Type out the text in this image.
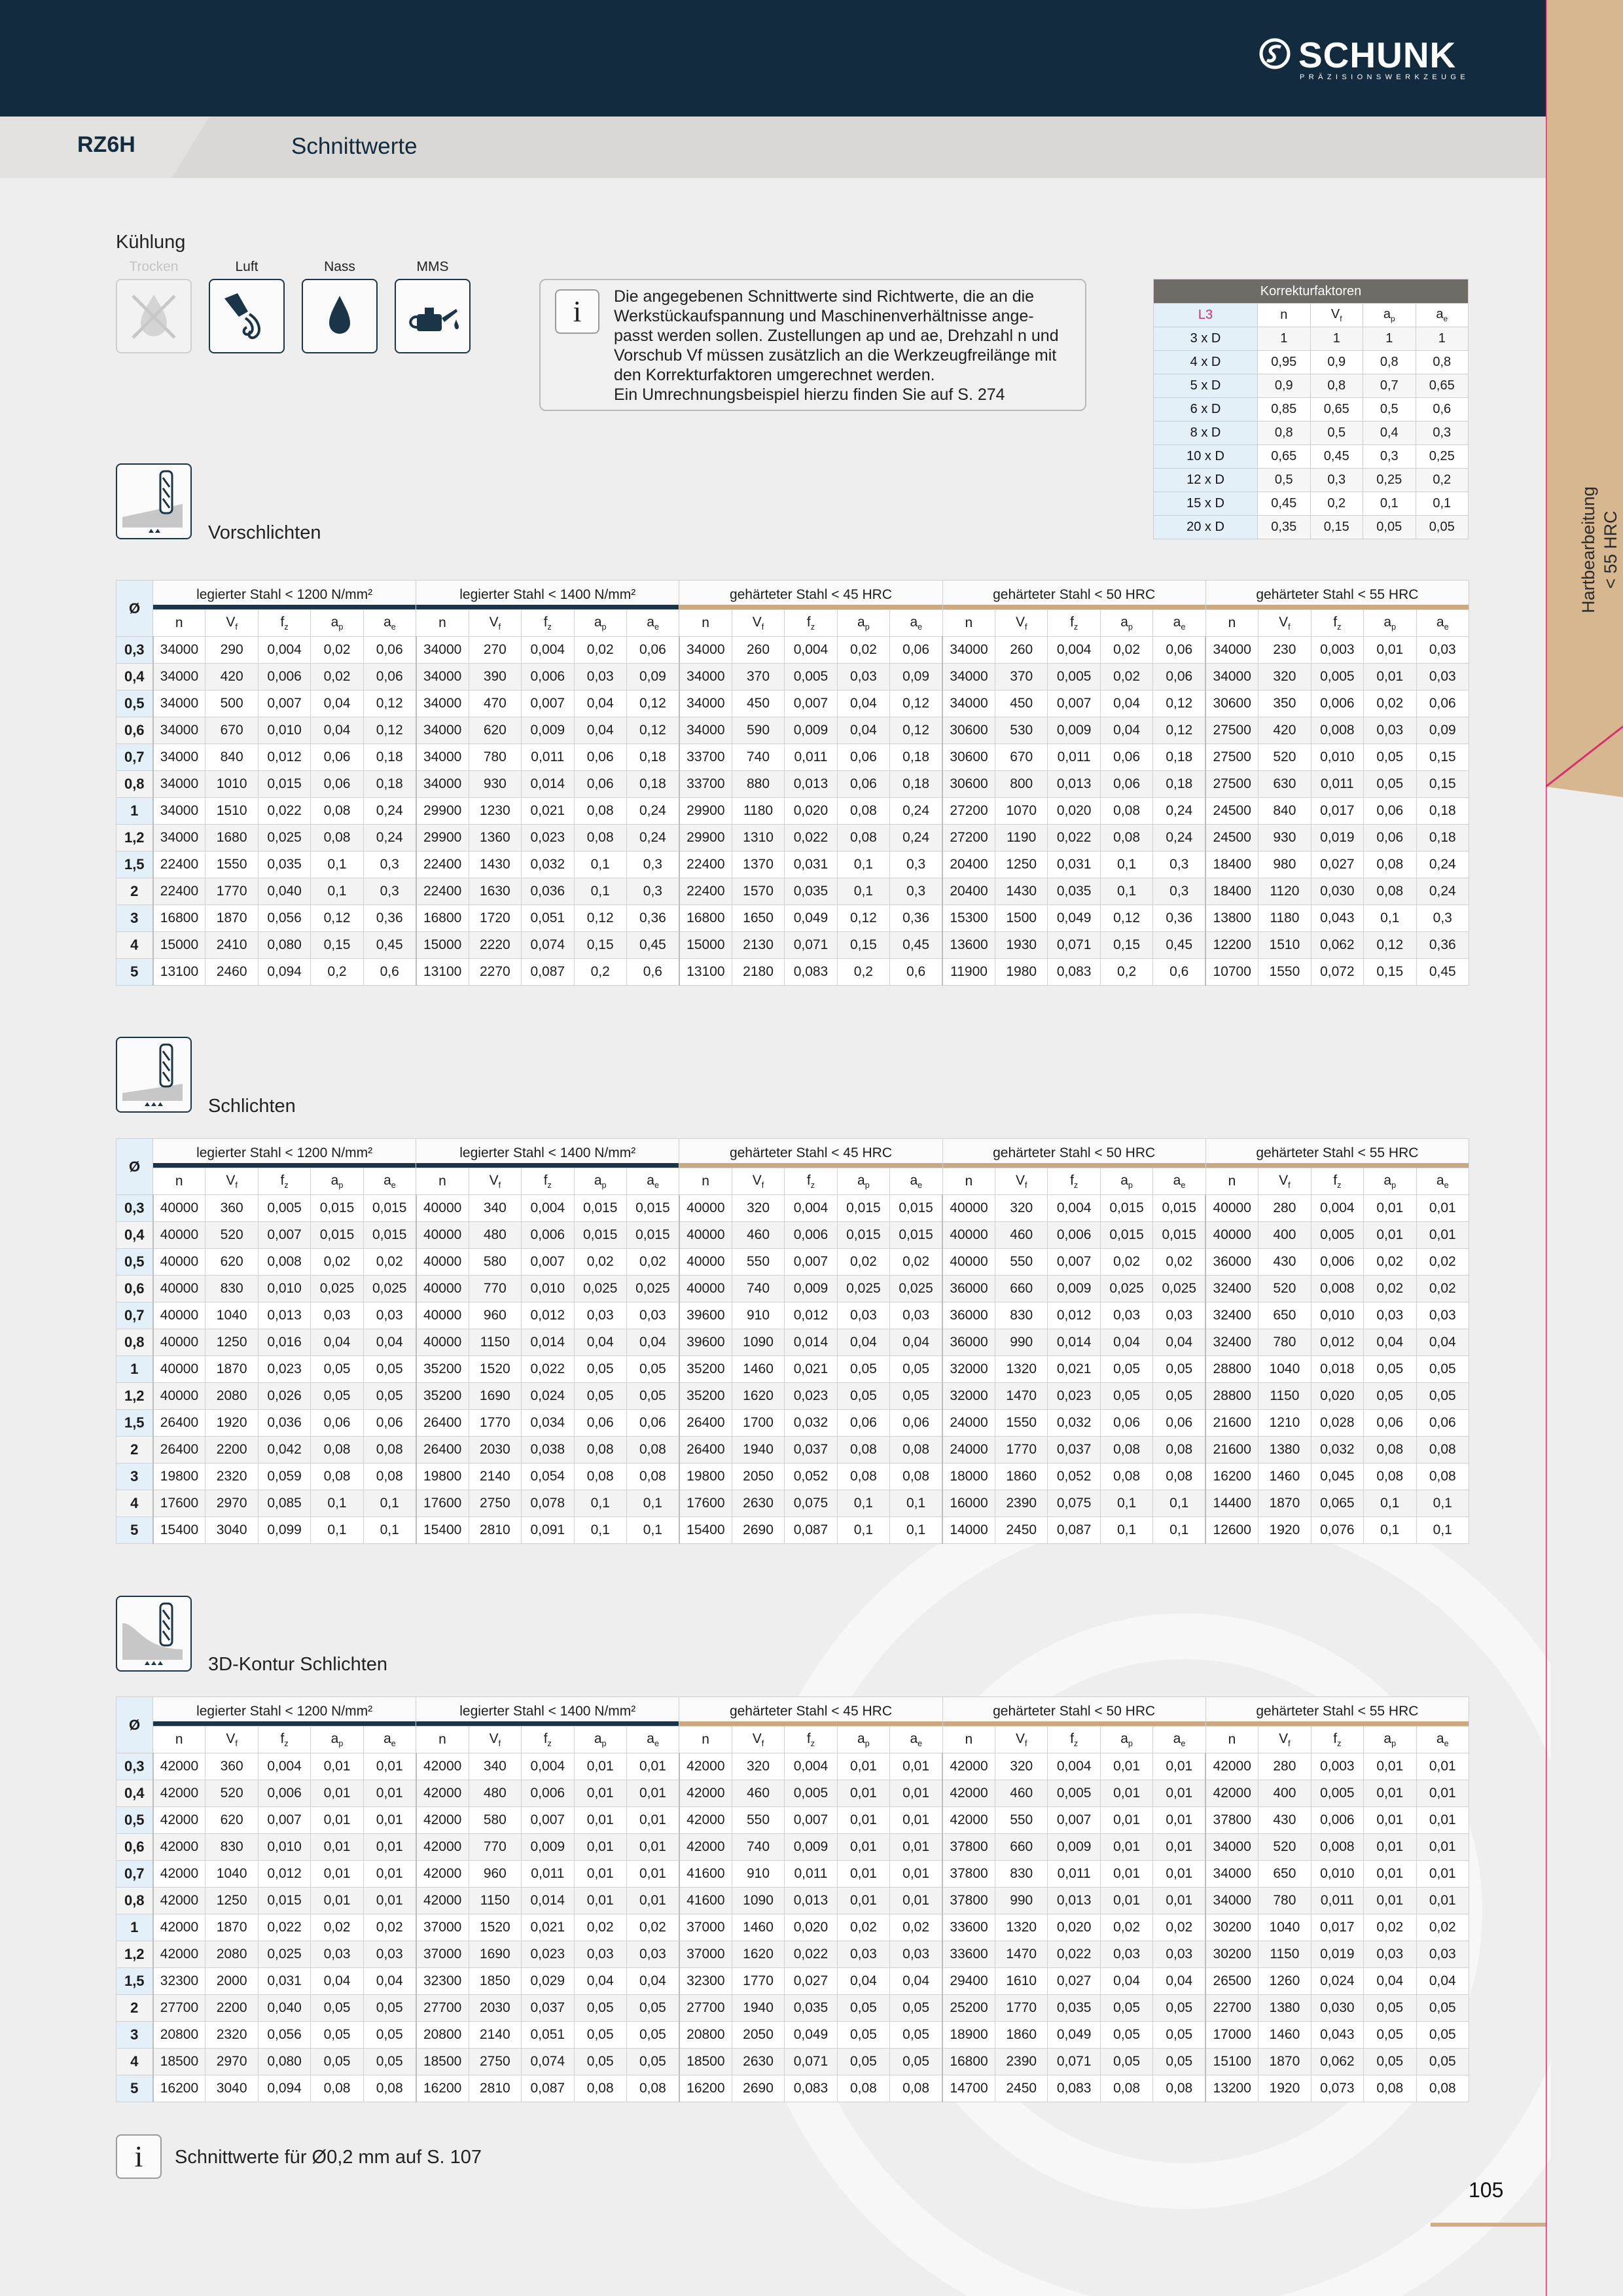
SCHUNK
PRÄZISIONSWERKZEUGE
RZ6H	Schnittwerte
Hartbearbeitung < 55 HRC
Kühlung
Trocken	Luft	Nass	MMS
i	Die angegebenen Schnittwerte sind Richtwerte, die an die
Werkstückaufspannung und Maschinenverhältnisse ange-
passt werden sollen. Zustellungen ap und ae, Drehzahl n und
Vorschub Vf müssen zusätzlich an die Werkzeugfreilänge mit
den Korrekturfaktoren umgerechnet werden.
Ein Umrechnungsbeispiel hierzu finden Sie auf S. 274
Korrekturfaktoren				
L3	n	$V_f$	$a_p$	$a_e$
3 x D	1	1	1	1
4 x D	0,95	0,9	0,8	0,8
5 x D	0,9	0,8	0,7	0,65
6 x D	0,85	0,65	0,5	0,6
8 x D	0,8	0,5	0,4	0,3
10 x D	0,65	0,45	0,3	0,25
12 x D	0,5	0,3	0,25	0,2
15 x D	0,45	0,2	0,1	0,1
20 x D	0,35	0,15	0,05	0,05
Vorschlichten
Ø	legierter Stahl < 1200 N/mm²					legierter Stahl < 1400 N/mm²					gehärteter Stahl < 45 HRC					gehärteter Stahl < 50 HRC					gehärteter Stahl < 55 HRC				
	n	$V_f$	$f_z$	$a_p$	$a_e$	n	$V_f$	$f_z$	$a_p$	$a_e$	n	$V_f$	$f_z$	$a_p$	$a_e$	n	$V_f$	$f_z$	$a_p$	$a_e$	n	$V_f$	$f_z$	$a_p$	$a_e$
0,3	34000	290	0,004	0,02	0,06	34000	270	0,004	0,02	0,06	34000	260	0,004	0,02	0,06	34000	260	0,004	0,02	0,06	34000	230	0,003	0,01	0,03
0,4	34000	420	0,006	0,02	0,06	34000	390	0,006	0,03	0,09	34000	370	0,005	0,03	0,09	34000	370	0,005	0,02	0,06	34000	320	0,005	0,01	0,03
0,5	34000	500	0,007	0,04	0,12	34000	470	0,007	0,04	0,12	34000	450	0,007	0,04	0,12	34000	450	0,007	0,04	0,12	30600	350	0,006	0,02	0,06
0,6	34000	670	0,010	0,04	0,12	34000	620	0,009	0,04	0,12	34000	590	0,009	0,04	0,12	30600	530	0,009	0,04	0,12	27500	420	0,008	0,03	0,09
0,7	34000	840	0,012	0,06	0,18	34000	780	0,011	0,06	0,18	33700	740	0,011	0,06	0,18	30600	670	0,011	0,06	0,18	27500	520	0,010	0,05	0,15
0,8	34000	1010	0,015	0,06	0,18	34000	930	0,014	0,06	0,18	33700	880	0,013	0,06	0,18	30600	800	0,013	0,06	0,18	27500	630	0,011	0,05	0,15
1	34000	1510	0,022	0,08	0,24	29900	1230	0,021	0,08	0,24	29900	1180	0,020	0,08	0,24	27200	1070	0,020	0,08	0,24	24500	840	0,017	0,06	0,18
1,2	34000	1680	0,025	0,08	0,24	29900	1360	0,023	0,08	0,24	29900	1310	0,022	0,08	0,24	27200	1190	0,022	0,08	0,24	24500	930	0,019	0,06	0,18
1,5	22400	1550	0,035	0,1	0,3	22400	1430	0,032	0,1	0,3	22400	1370	0,031	0,1	0,3	20400	1250	0,031	0,1	0,3	18400	980	0,027	0,08	0,24
2	22400	1770	0,040	0,1	0,3	22400	1630	0,036	0,1	0,3	22400	1570	0,035	0,1	0,3	20400	1430	0,035	0,1	0,3	18400	1120	0,030	0,08	0,24
3	16800	1870	0,056	0,12	0,36	16800	1720	0,051	0,12	0,36	16800	1650	0,049	0,12	0,36	15300	1500	0,049	0,12	0,36	13800	1180	0,043	0,1	0,3
4	15000	2410	0,080	0,15	0,45	15000	2220	0,074	0,15	0,45	15000	2130	0,071	0,15	0,45	13600	1930	0,071	0,15	0,45	12200	1510	0,062	0,12	0,36
5	13100	2460	0,094	0,2	0,6	13100	2270	0,087	0,2	0,6	13100	2180	0,083	0,2	0,6	11900	1980	0,083	0,2	0,6	10700	1550	0,072	0,15	0,45
Schlichten
Ø	legierter Stahl < 1200 N/mm²					legierter Stahl < 1400 N/mm²					gehärteter Stahl < 45 HRC					gehärteter Stahl < 50 HRC					gehärteter Stahl < 55 HRC				
	n	$V_f$	$f_z$	$a_p$	$a_e$	n	$V_f$	$f_z$	$a_p$	$a_e$	n	$V_f$	$f_z$	$a_p$	$a_e$	n	$V_f$	$f_z$	$a_p$	$a_e$	n	$V_f$	$f_z$	$a_p$	$a_e$
0,3	40000	360	0,005	0,015	0,015	40000	340	0,004	0,015	0,015	40000	320	0,004	0,015	0,015	40000	320	0,004	0,015	0,015	40000	280	0,004	0,01	0,01
0,4	40000	520	0,007	0,015	0,015	40000	480	0,006	0,015	0,015	40000	460	0,006	0,015	0,015	40000	460	0,006	0,015	0,015	40000	400	0,005	0,01	0,01
0,5	40000	620	0,008	0,02	0,02	40000	580	0,007	0,02	0,02	40000	550	0,007	0,02	0,02	40000	550	0,007	0,02	0,02	36000	430	0,006	0,02	0,02
0,6	40000	830	0,010	0,025	0,025	40000	770	0,010	0,025	0,025	40000	740	0,009	0,025	0,025	36000	660	0,009	0,025	0,025	32400	520	0,008	0,02	0,02
0,7	40000	1040	0,013	0,03	0,03	40000	960	0,012	0,03	0,03	39600	910	0,012	0,03	0,03	36000	830	0,012	0,03	0,03	32400	650	0,010	0,03	0,03
0,8	40000	1250	0,016	0,04	0,04	40000	1150	0,014	0,04	0,04	39600	1090	0,014	0,04	0,04	36000	990	0,014	0,04	0,04	32400	780	0,012	0,04	0,04
1	40000	1870	0,023	0,05	0,05	35200	1520	0,022	0,05	0,05	35200	1460	0,021	0,05	0,05	32000	1320	0,021	0,05	0,05	28800	1040	0,018	0,05	0,05
1,2	40000	2080	0,026	0,05	0,05	35200	1690	0,024	0,05	0,05	35200	1620	0,023	0,05	0,05	32000	1470	0,023	0,05	0,05	28800	1150	0,020	0,05	0,05
1,5	26400	1920	0,036	0,06	0,06	26400	1770	0,034	0,06	0,06	26400	1700	0,032	0,06	0,06	24000	1550	0,032	0,06	0,06	21600	1210	0,028	0,06	0,06
2	26400	2200	0,042	0,08	0,08	26400	2030	0,038	0,08	0,08	26400	1940	0,037	0,08	0,08	24000	1770	0,037	0,08	0,08	21600	1380	0,032	0,08	0,08
3	19800	2320	0,059	0,08	0,08	19800	2140	0,054	0,08	0,08	19800	2050	0,052	0,08	0,08	18000	1860	0,052	0,08	0,08	16200	1460	0,045	0,08	0,08
4	17600	2970	0,085	0,1	0,1	17600	2750	0,078	0,1	0,1	17600	2630	0,075	0,1	0,1	16000	2390	0,075	0,1	0,1	14400	1870	0,065	0,1	0,1
5	15400	3040	0,099	0,1	0,1	15400	2810	0,091	0,1	0,1	15400	2690	0,087	0,1	0,1	14000	2450	0,087	0,1	0,1	12600	1920	0,076	0,1	0,1
3D-Kontur Schlichten
Ø	legierter Stahl < 1200 N/mm²					legierter Stahl < 1400 N/mm²					gehärteter Stahl < 45 HRC					gehärteter Stahl < 50 HRC					gehärteter Stahl < 55 HRC				
	n	$V_f$	$f_z$	$a_p$	$a_e$	n	$V_f$	$f_z$	$a_p$	$a_e$	n	$V_f$	$f_z$	$a_p$	$a_e$	n	$V_f$	$f_z$	$a_p$	$a_e$	n	$V_f$	$f_z$	$a_p$	$a_e$
0,3	42000	360	0,004	0,01	0,01	42000	340	0,004	0,01	0,01	42000	320	0,004	0,01	0,01	42000	320	0,004	0,01	0,01	42000	280	0,003	0,01	0,01
0,4	42000	520	0,006	0,01	0,01	42000	480	0,006	0,01	0,01	42000	460	0,005	0,01	0,01	42000	460	0,005	0,01	0,01	42000	400	0,005	0,01	0,01
0,5	42000	620	0,007	0,01	0,01	42000	580	0,007	0,01	0,01	42000	550	0,007	0,01	0,01	42000	550	0,007	0,01	0,01	37800	430	0,006	0,01	0,01
0,6	42000	830	0,010	0,01	0,01	42000	770	0,009	0,01	0,01	42000	740	0,009	0,01	0,01	37800	660	0,009	0,01	0,01	34000	520	0,008	0,01	0,01
0,7	42000	1040	0,012	0,01	0,01	42000	960	0,011	0,01	0,01	41600	910	0,011	0,01	0,01	37800	830	0,011	0,01	0,01	34000	650	0,010	0,01	0,01
0,8	42000	1250	0,015	0,01	0,01	42000	1150	0,014	0,01	0,01	41600	1090	0,013	0,01	0,01	37800	990	0,013	0,01	0,01	34000	780	0,011	0,01	0,01
1	42000	1870	0,022	0,02	0,02	37000	1520	0,021	0,02	0,02	37000	1460	0,020	0,02	0,02	33600	1320	0,020	0,02	0,02	30200	1040	0,017	0,02	0,02
1,2	42000	2080	0,025	0,03	0,03	37000	1690	0,023	0,03	0,03	37000	1620	0,022	0,03	0,03	33600	1470	0,022	0,03	0,03	30200	1150	0,019	0,03	0,03
1,5	32300	2000	0,031	0,04	0,04	32300	1850	0,029	0,04	0,04	32300	1770	0,027	0,04	0,04	29400	1610	0,027	0,04	0,04	26500	1260	0,024	0,04	0,04
2	27700	2200	0,040	0,05	0,05	27700	2030	0,037	0,05	0,05	27700	1940	0,035	0,05	0,05	25200	1770	0,035	0,05	0,05	22700	1380	0,030	0,05	0,05
3	20800	2320	0,056	0,05	0,05	20800	2140	0,051	0,05	0,05	20800	2050	0,049	0,05	0,05	18900	1860	0,049	0,05	0,05	17000	1460	0,043	0,05	0,05
4	18500	2970	0,080	0,05	0,05	18500	2750	0,074	0,05	0,05	18500	2630	0,071	0,05	0,05	16800	2390	0,071	0,05	0,05	15100	1870	0,062	0,05	0,05
5	16200	3040	0,094	0,08	0,08	16200	2810	0,087	0,08	0,08	16200	2690	0,083	0,08	0,08	14700	2450	0,083	0,08	0,08	13200	1920	0,073	0,08	0,08
i	Schnittwerte für Ø0,2 mm auf S. 107
105
